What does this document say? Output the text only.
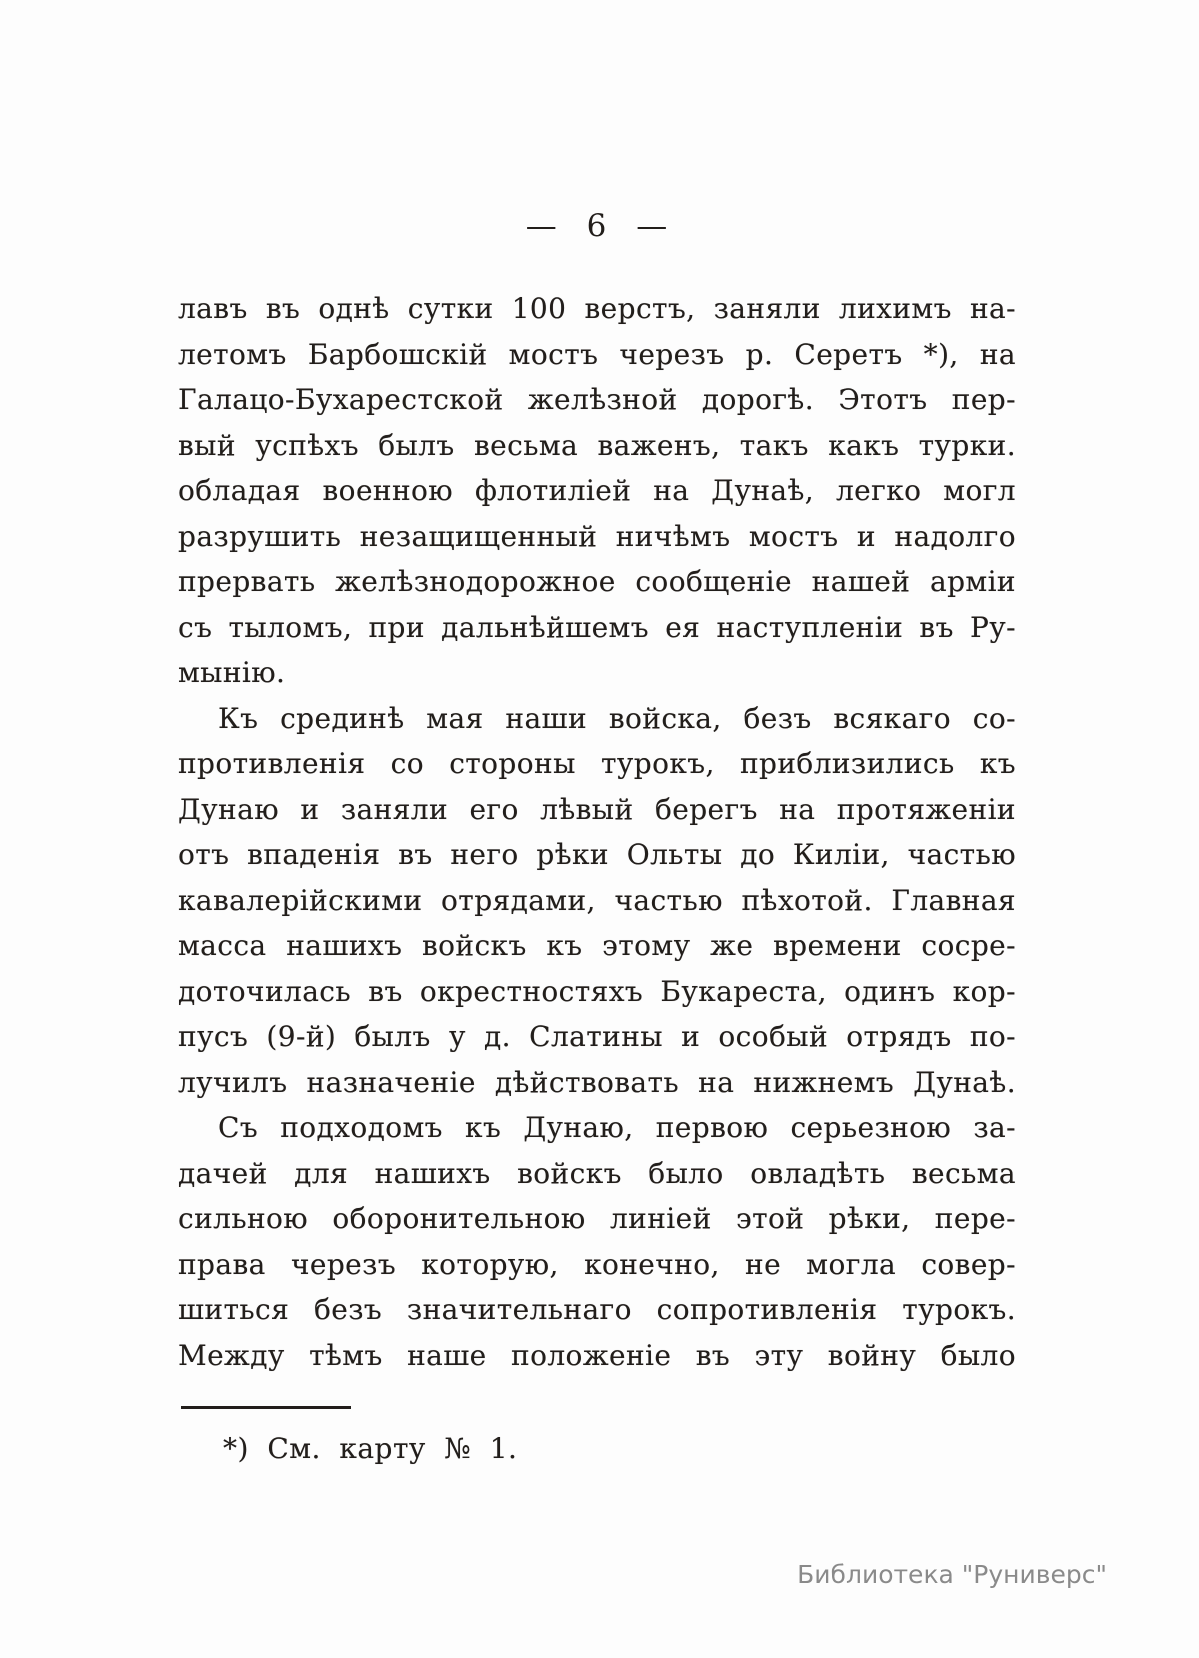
— 6 —
лавъ въ однѣ сутки 100 верстъ, заняли лихимъ на-
летомъ Барбошскій мостъ черезъ р. Серетъ *), на
Галацо-Бухарестской желѣзной дорогѣ. Этотъ пер-
вый успѣхъ былъ весьма важенъ, такъ какъ турки.
обладая военною флотиліей на Дунаѣ, легко могл
разрушить незащищенный ничѣмъ мостъ и надолго
прервать желѣзнодорожное сообщеніе нашей арміи
съ тыломъ, при дальнѣйшемъ ея наступленіи въ Ру-
мынію.
Къ срединѣ мая наши войска, безъ всякаго со-
противленія со стороны турокъ, приблизились къ
Дунаю и заняли его лѣвый берегъ на протяженіи
отъ впаденія въ него рѣки Ольты до Киліи, частью
кавалерійскими отрядами, частью пѣхотой. Главная
масса нашихъ войскъ къ этому же времени сосре-
доточилась въ окрестностяхъ Букареста, одинъ кор-
пусъ (9-й) былъ у д. Слатины и особый отрядъ по-
лучилъ назначеніе дѣйствовать на нижнемъ Дунаѣ.
Съ подходомъ къ Дунаю, первою серьезною за-
дачей для нашихъ войскъ было овладѣть весьма
сильною оборонительною линіей этой рѣки, пере-
права черезъ которую, конечно, не могла совер-
шиться безъ значительнаго сопротивленія турокъ.
Между тѣмъ наше положеніе въ эту войну было
*) См. карту № 1.
Библиотека "Руниверс"
